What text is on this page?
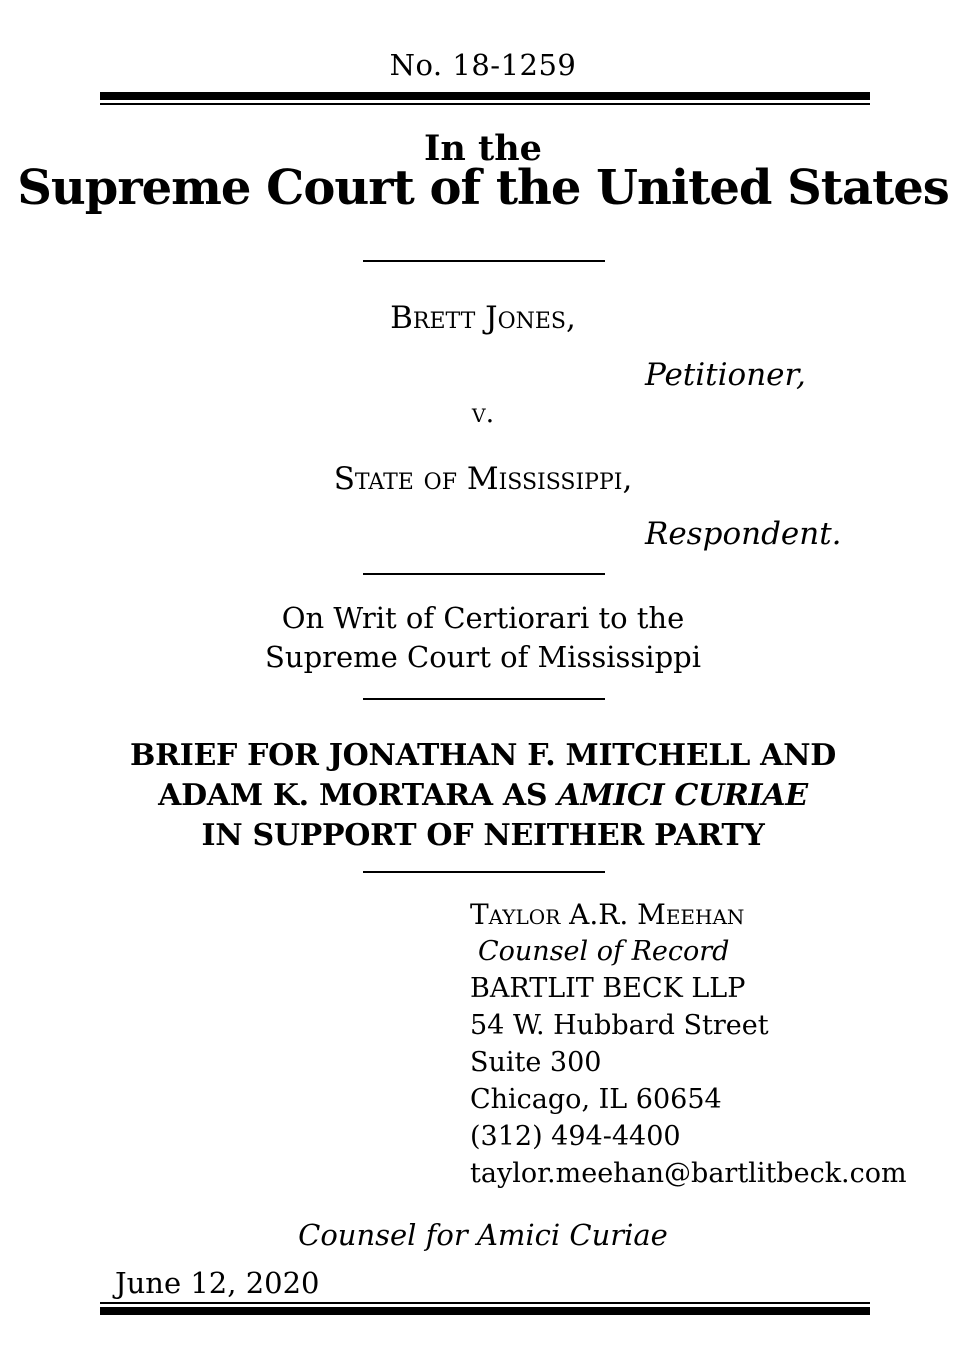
No. 18-1259
In the
Supreme Court of the United States
Brett Jones,
Petitioner,
v.
State of Mississippi,
Respondent.
On Writ of Certiorari to the
Supreme Court of Mississippi
BRIEF FOR JONATHAN F. MITCHELL AND
ADAM K. MORTARA AS AMICI CURIAE
IN SUPPORT OF NEITHER PARTY
Taylor A.R. Meehan
Counsel of Record
BARTLIT BECK LLP
54 W. Hubbard Street
Suite 300
Chicago, IL 60654
(312) 494-4400
taylor.meehan@bartlitbeck.com
Counsel for Amici Curiae
June 12, 2020
